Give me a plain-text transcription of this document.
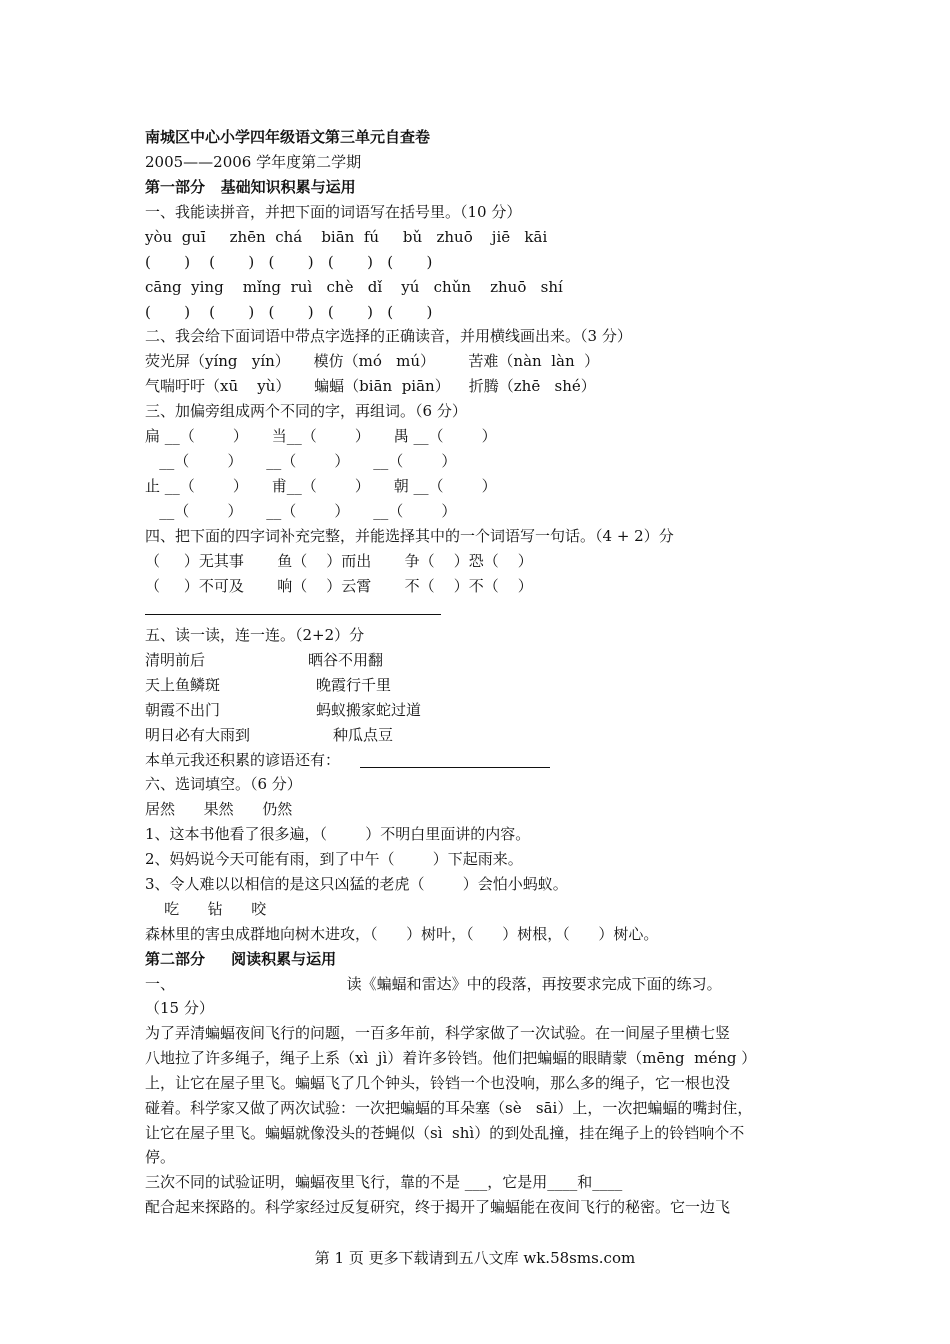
南城区中心小学四年级语文第三单元自查卷
2005——2006 学年度第二学期
第一部分   基础知识积累与运用
一、我能读拼音，并把下面的词语写在括号里。（10 分）
yòu  guī     zhēn  chá    biān  fú     bǔ   zhuō    jiē   kāi
(       )    (       )   (       )   (       )   (       )
cāng  ying    mǐng  ruì   chè   dǐ    yú   chǔn    zhuō   shí
(       )    (       )   (       )   (       )   (       )
二、我会给下面词语中带点字选择的正确读音，并用横线画出来。（3 分）
荧光屏（yíng   yín）     模仿（mó   mú）       苦难（nàn  làn  ）
气喘吁吁（xū    yù）     蝙蝠（biān  piān）    折腾（zhē   shé）
三、加偏旁组成两个不同的字，再组词。（6 分）
扁 __（        ）     当__（        ）     禺 __（        ）
__（        ）     __（        ）     __（        ）
止 __（        ）     甫__（        ）     朝 __（        ）
__（        ）     __（        ）     __（        ）
四、把下面的四字词补充完整，并能选择其中的一个词语写一句话。（4 + 2）分
（     ）无其事       鱼（    ）而出       争（    ）恐（    ）
（     ）不可及       响（    ）云霄       不（    ）不（    ）
五、读一读，连一连。（2+2）分
清明前后	晒谷不用翻
天上鱼鳞斑	晚霞行千里
朝霞不出门	蚂蚁搬家蛇过道
明日必有大雨到	种瓜点豆
本单元我还积累的谚语还有：
六、选词填空。（6 分）
居然      果然      仍然
1、这本书他看了很多遍，（        ）不明白里面讲的内容。
2、妈妈说今天可能有雨，到了中午（        ）下起雨来。
3、令人难以以相信的是这只凶猛的老虎（        ）会怕小蚂蚁。
吃      钻      咬
森林里的害虫成群地向树木进攻，（      ）树叶，（      ）树根，（      ）树心。
第二部分     阅读积累与运用
一、                                    读《蝙蝠和雷达》中的段落，再按要求完成下面的练习。
（15 分）
为了弄清蝙蝠夜间飞行的问题，一百多年前，科学家做了一次试验。在一间屋子里横七竖
八地拉了许多绳子，绳子上系（xì  jì）着许多铃铛。他们把蝙蝠的眼睛蒙（mēng  méng ）
上，让它在屋子里飞。蝙蝠飞了几个钟头，铃铛一个也没响，那么多的绳子，它一根也没
碰着。科学家又做了两次试验：一次把蝙蝠的耳朵塞（sè   sāi）上，一次把蝙蝠的嘴封住，
让它在屋子里飞。蝙蝠就像没头的苍蝇似（sì  shì）的到处乱撞，挂在绳子上的铃铛响个不
停。
三次不同的试验证明，蝙蝠夜里飞行，靠的不是 ___，它是用____和____
配合起来探路的。科学家经过反复研究，终于揭开了蝙蝠能在夜间飞行的秘密。它一边飞
第 1 页 更多下载请到五八文库 wk.58sms.com
